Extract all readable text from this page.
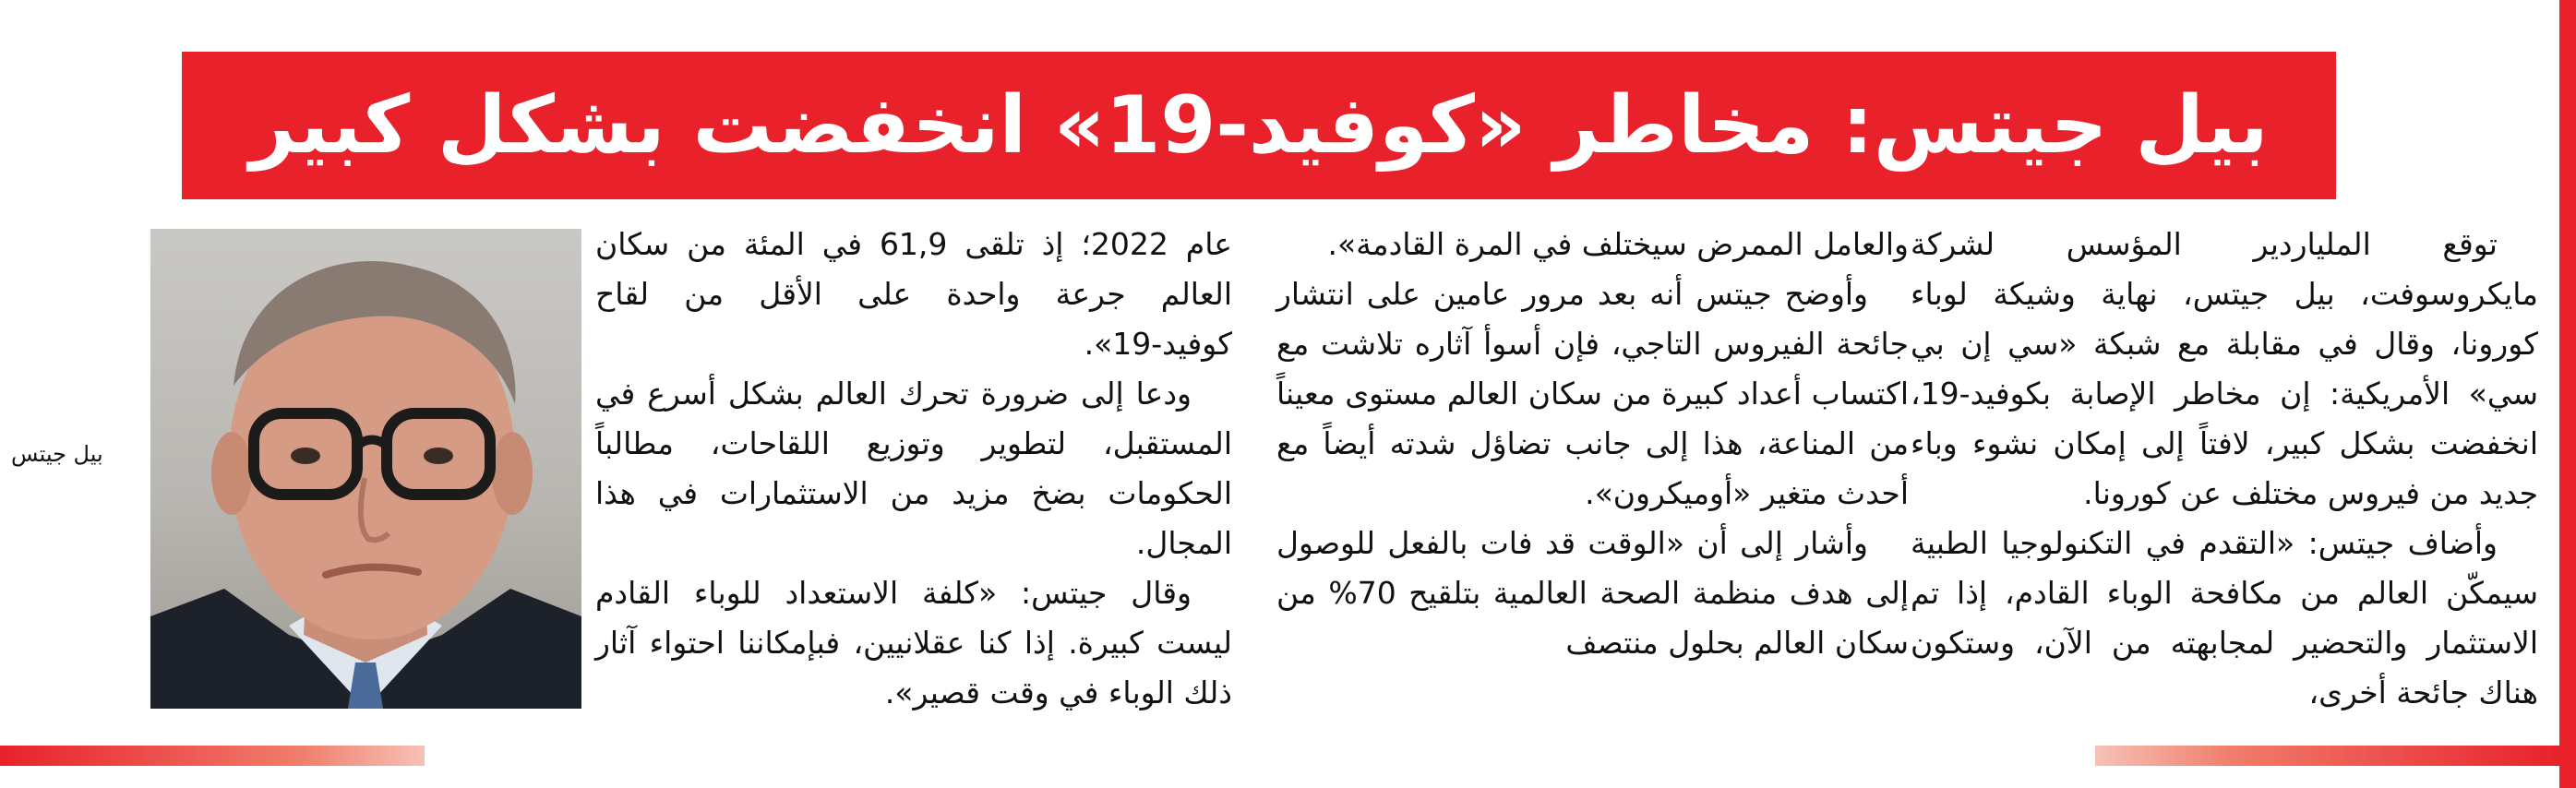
بيل جيتس: مخاطر «كوفيد-19» انخفضت بشكل كبير

توقع الملياردير المؤسس لشركة مايكروسوفت، بيل جيتس، نهاية وشيكة لوباء كورونا، وقال في مقابلة مع شبكة «سي إن بي سي» الأمريكية: إن مخاطر الإصابة بكوفيد-19، انخفضت بشكل كبير، لافتاً إلى إمكان نشوء وباء جديد من فيروس مختلف عن كورونا.

وأضاف جيتس: «التقدم في التكنولوجيا الطبية سيمكّن العالم من مكافحة الوباء القادم، إذا تم الاستثمار والتحضير لمجابهته من الآن، وستكون هناك جائحة أخرى،

والعامل الممرض سيختلف في المرة القادمة».

وأوضح جيتس أنه بعد مرور عامين على انتشار جائحة الفيروس التاجي، فإن أسوأ آثاره تلاشت مع اكتساب أعداد كبيرة من سكان العالم مستوى معيناً من المناعة، هذا إلى جانب تضاؤل شدته أيضاً مع أحدث متغير «أوميكرون».

وأشار إلى أن «الوقت قد فات بالفعل للوصول إلى هدف منظمة الصحة العالمية بتلقيح 70% من سكان العالم بحلول منتصف

عام 2022؛ إذ تلقى 61,9 في المئة من سكان العالم جرعة واحدة على الأقل من لقاح كوفيد-19».

ودعا إلى ضرورة تحرك العالم بشكل أسرع في المستقبل، لتطوير وتوزيع اللقاحات، مطالباً الحكومات بضخ مزيد من الاستثمارات في هذا المجال.

وقال جيتس: «كلفة الاستعداد للوباء القادم ليست كبيرة. إذا كنا عقلانيين، فبإمكاننا احتواء آثار ذلك الوباء في وقت قصير».

بيل جيتس
